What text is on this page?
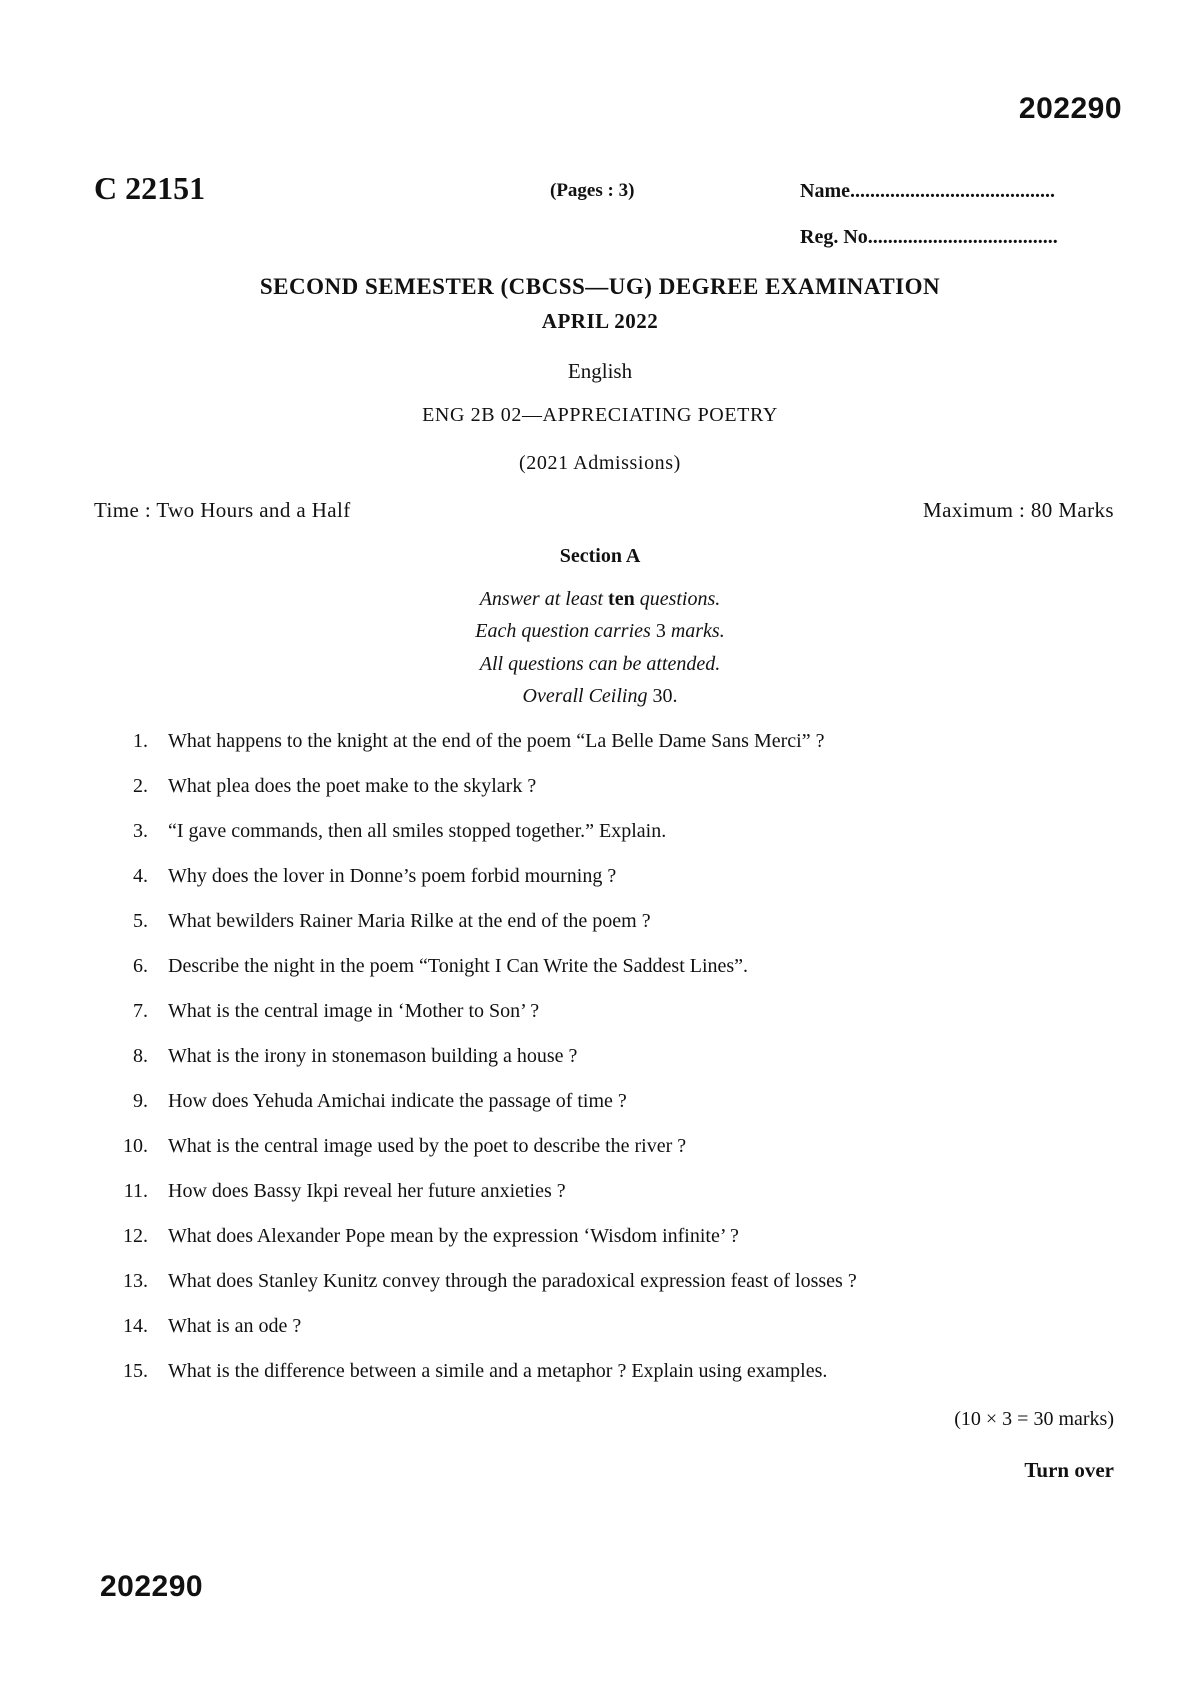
202290
C 22151	(Pages : 3)	Name.........................................
Reg. No......................................
SECOND SEMESTER (CBCSS—UG) DEGREE EXAMINATION
APRIL 2022
English
ENG 2B 02—APPRECIATING POETRY
(2021 Admissions)
Time : Two Hours and a Half	Maximum : 80 Marks
Section A
Answer at least ten questions.
Each question carries 3 marks.
All questions can be attended.
Overall Ceiling 30.
1. What happens to the knight at the end of the poem “La Belle Dame Sans Merci” ?
2. What plea does the poet make to the skylark ?
3. “I gave commands, then all smiles stopped together.” Explain.
4. Why does the lover in Donne’s poem forbid mourning ?
5. What bewilders Rainer Maria Rilke at the end of the poem ?
6. Describe the night in the poem “Tonight I Can Write the Saddest Lines”.
7. What is the central image in ‘Mother to Son’ ?
8. What is the irony in stonemason building a house ?
9. How does Yehuda Amichai indicate the passage of time ?
10. What is the central image used by the poet to describe the river ?
11. How does Bassy Ikpi reveal her future anxieties ?
12. What does Alexander Pope mean by the expression ‘Wisdom infinite’ ?
13. What does Stanley Kunitz convey through the paradoxical expression feast of losses ?
14. What is an ode ?
15. What is the difference between a simile and a metaphor ? Explain using examples.
(10 × 3 = 30 marks)
Turn over
202290
